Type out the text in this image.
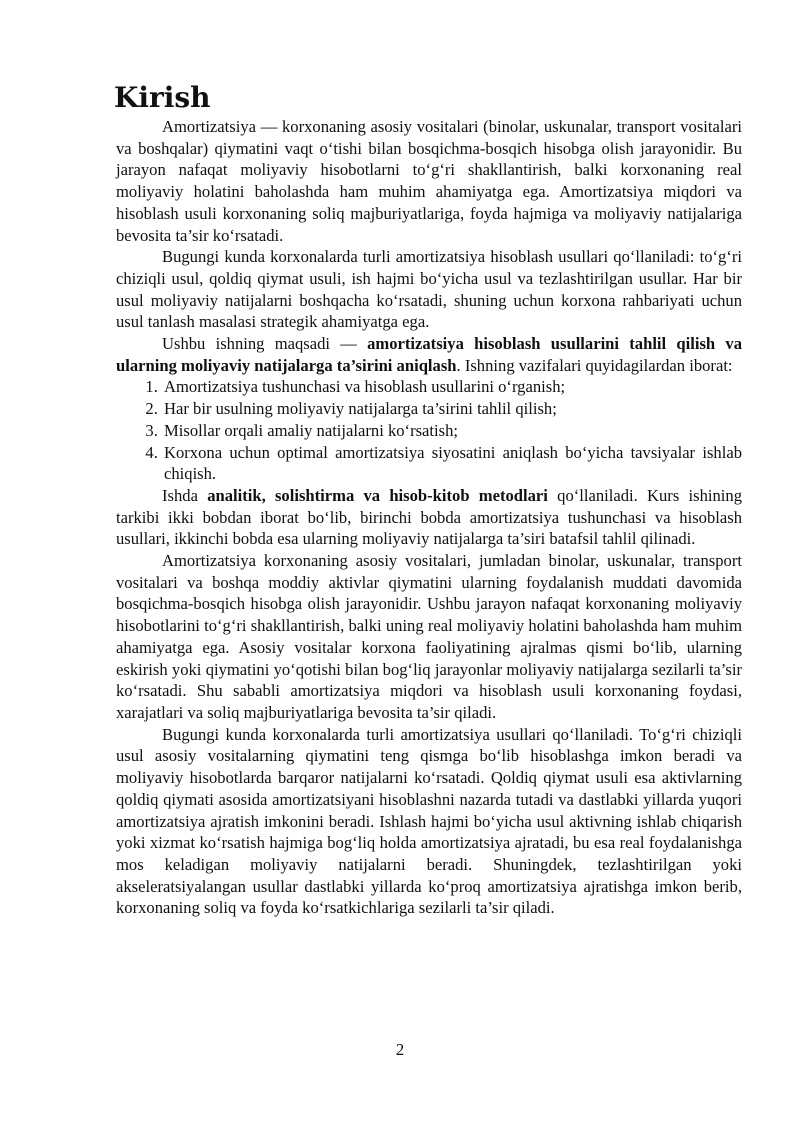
Kirish

Amortizatsiya — korxonaning asosiy vositalari (binolar, uskunalar, transport vositalari va boshqalar) qiymatini vaqt o‘tishi bilan bosqichma-bosqich hisobga olish jarayonidir. Bu jarayon nafaqat moliyaviy hisobotlarni to‘g‘ri shakllantirish, balki korxonaning real moliyaviy holatini baholashda ham muhim ahamiyatga ega. Amortizatsiya miqdori va hisoblash usuli korxonaning soliq majburiyatlariga, foyda hajmiga va moliyaviy natijalariga bevosita ta’sir ko‘rsatadi.

Bugungi kunda korxonalarda turli amortizatsiya hisoblash usullari qo‘llaniladi: to‘g‘ri chiziqli usul, qoldiq qiymat usuli, ish hajmi bo‘yicha usul va tezlashtirilgan usullar. Har bir usul moliyaviy natijalarni boshqacha ko‘rsatadi, shuning uchun korxona rahbariyati uchun usul tanlash masalasi strategik ahamiyatga ega.

Ushbu ishning maqsadi — amortizatsiya hisoblash usullarini tahlil qilish va ularning moliyaviy natijalarga ta’sirini aniqlash. Ishning vazifalari quyidagilardan iborat:

1. Amortizatsiya tushunchasi va hisoblash usullarini o‘rganish;
2. Har bir usulning moliyaviy natijalarga ta’sirini tahlil qilish;
3. Misollar orqali amaliy natijalarni ko‘rsatish;
4. Korxona uchun optimal amortizatsiya siyosatini aniqlash bo‘yicha tavsiyalar ishlab chiqish.

Ishda analitik, solishtirma va hisob-kitob metodlari qo‘llaniladi. Kurs ishining tarkibi ikki bobdan iborat bo‘lib, birinchi bobda amortizatsiya tushunchasi va hisoblash usullari, ikkinchi bobda esa ularning moliyaviy natijalarga ta’siri batafsil tahlil qilinadi.

Amortizatsiya korxonaning asosiy vositalari, jumladan binolar, uskunalar, transport vositalari va boshqa moddiy aktivlar qiymatini ularning foydalanish muddati davomida bosqichma-bosqich hisobga olish jarayonidir. Ushbu jarayon nafaqat korxonaning moliyaviy hisobotlarini to‘g‘ri shakllantirish, balki uning real moliyaviy holatini baholashda ham muhim ahamiyatga ega. Asosiy vositalar korxona faoliyatining ajralmas qismi bo‘lib, ularning eskirish yoki qiymatini yo‘qotishi bilan bog‘liq jarayonlar moliyaviy natijalarga sezilarli ta’sir ko‘rsatadi. Shu sababli amortizatsiya miqdori va hisoblash usuli korxonaning foydasi, xarajatlari va soliq majburiyatlariga bevosita ta’sir qiladi.

Bugungi kunda korxonalarda turli amortizatsiya usullari qo‘llaniladi. To‘g‘ri chiziqli usul asosiy vositalarning qiymatini teng qismga bo‘lib hisoblashga imkon beradi va moliyaviy hisobotlarda barqaror natijalarni ko‘rsatadi. Qoldiq qiymat usuli esa aktivlarning qoldiq qiymati asosida amortizatsiyani hisoblashni nazarda tutadi va dastlabki yillarda yuqori amortizatsiya ajratish imkonini beradi. Ishlash hajmi bo‘yicha usul aktivning ishlab chiqarish yoki xizmat ko‘rsatish hajmiga bog‘liq holda amortizatsiya ajratadi, bu esa real foydalanishga mos keladigan moliyaviy natijalarni beradi. Shuningdek, tezlashtirilgan yoki akseleratsiyalangan usullar dastlabki yillarda ko‘proq amortizatsiya ajratishga imkon berib, korxonaning soliq va foyda ko‘rsatkichlariga sezilarli ta’sir qiladi.

2
